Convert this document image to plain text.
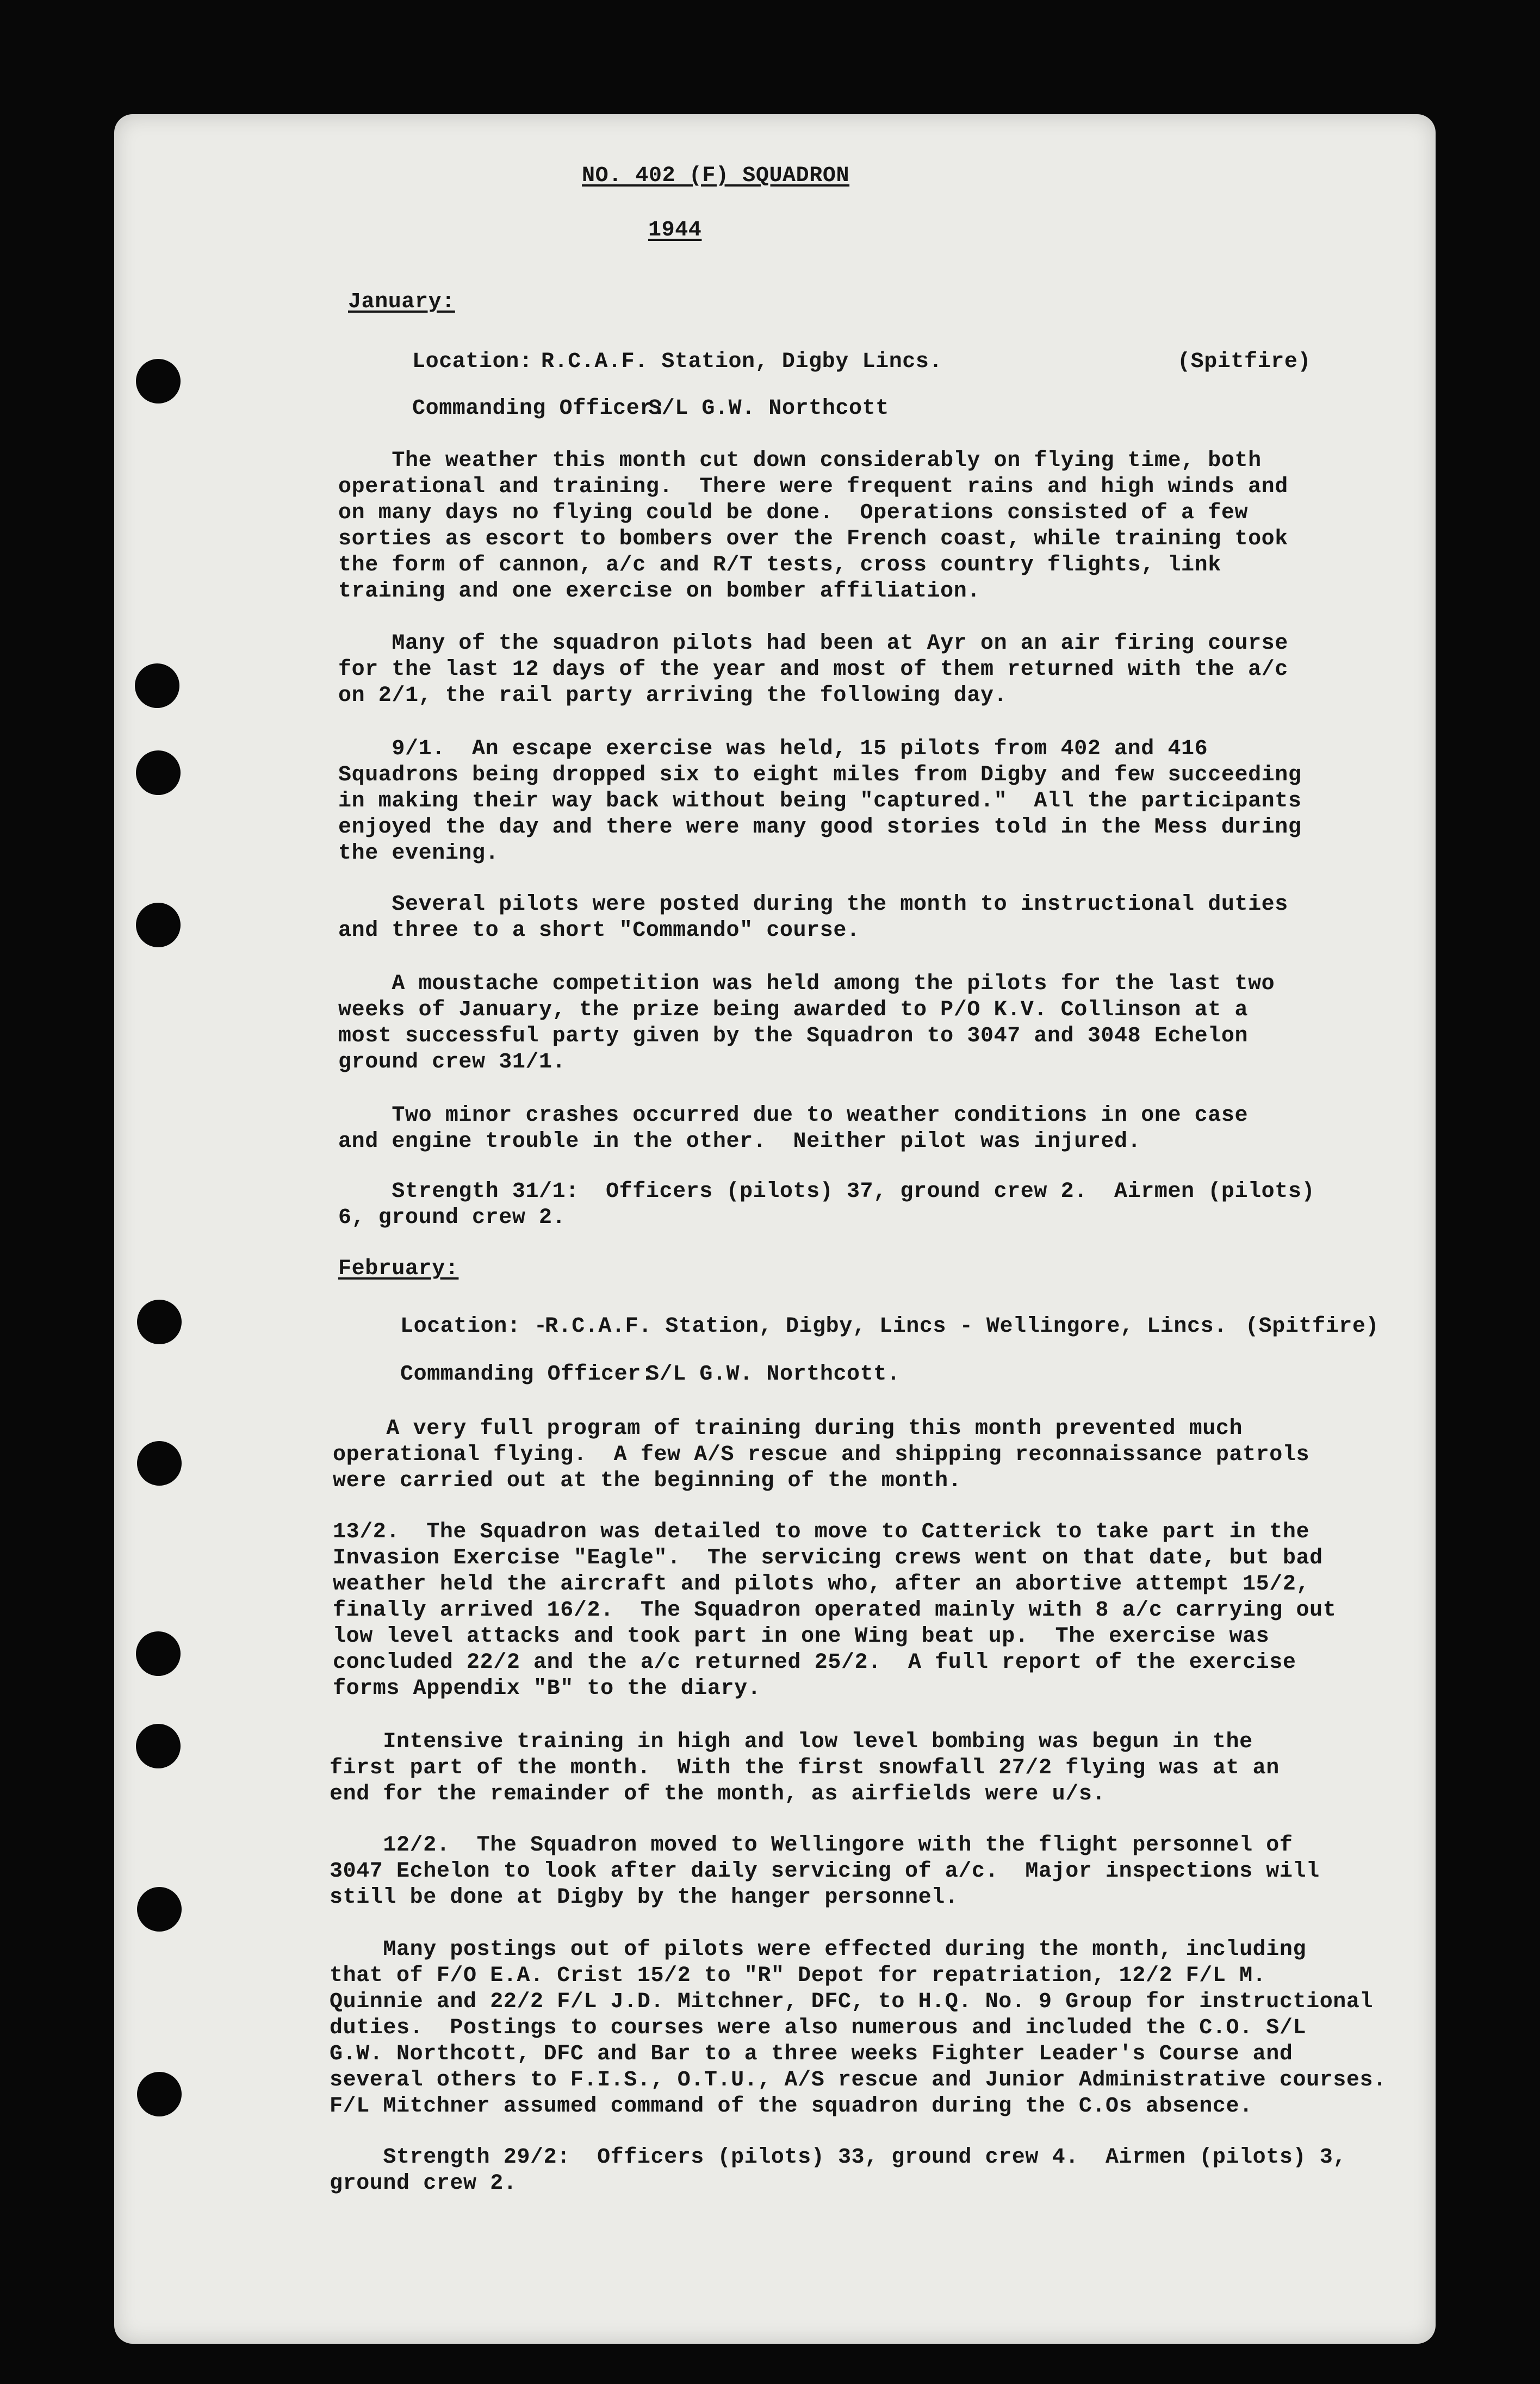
NO. 402 (F) SQUADRON
1944
January:
Location: R.C.A.F. Station, Digby Lincs.	(Spitfire)
Commanding Officer:
S/L G.W. Northcott
The weather this month cut down considerably on flying time, both
operational and training.  There were frequent rains and high winds and
on many days no flying could be done.  Operations consisted of a few
sorties as escort to bombers over the French coast, while training took
the form of cannon, a/c and R/T tests, cross country flights, link
training and one exercise on bomber affiliation.
Many of the squadron pilots had been at Ayr on an air firing course
for the last 12 days of the year and most of them returned with the a/c
on 2/1, the rail party arriving the following day.
9/1.  An escape exercise was held, 15 pilots from 402 and 416
Squadrons being dropped six to eight miles from Digby and few succeeding
in making their way back without being "captured."  All the participants
enjoyed the day and there were many good stories told in the Mess during
the evening.
Several pilots were posted during the month to instructional duties
and three to a short "Commando" course.
A moustache competition was held among the pilots for the last two
weeks of January, the prize being awarded to P/O K.V. Collinson at a
most successful party given by the Squadron to 3047 and 3048 Echelon
ground crew 31/1.
Two minor crashes occurred due to weather conditions in one case
and engine trouble in the other.  Neither pilot was injured.
Strength 31/1:  Officers (pilots) 37, ground crew 2.  Airmen (pilots)
6, ground crew 2.
February:
Location: -
R.C.A.F. Station, Digby, Lincs - Wellingore, Lincs. (Spitfire)
Commanding Officer:
S/L G.W. Northcott.
A very full program of training during this month prevented much
operational flying.  A few A/S rescue and shipping reconnaissance patrols
were carried out at the beginning of the month.
13/2.  The Squadron was detailed to move to Catterick to take part in the
Invasion Exercise "Eagle".  The servicing crews went on that date, but bad
weather held the aircraft and pilots who, after an abortive attempt 15/2,
finally arrived 16/2.  The Squadron operated mainly with 8 a/c carrying out
low level attacks and took part in one Wing beat up.  The exercise was
concluded 22/2 and the a/c returned 25/2.  A full report of the exercise
forms Appendix "B" to the diary.
Intensive training in high and low level bombing was begun in the
first part of the month.  With the first snowfall 27/2 flying was at an
end for the remainder of the month, as airfields were u/s.
12/2.  The Squadron moved to Wellingore with the flight personnel of
3047 Echelon to look after daily servicing of a/c.  Major inspections will
still be done at Digby by the hanger personnel.
Many postings out of pilots were effected during the month, including
that of F/O E.A. Crist 15/2 to "R" Depot for repatriation, 12/2 F/L M.
Quinnie and 22/2 F/L J.D. Mitchner, DFC, to H.Q. No. 9 Group for instructional
duties.  Postings to courses were also numerous and included the C.O. S/L
G.W. Northcott, DFC and Bar to a three weeks Fighter Leader's Course and
several others to F.I.S., O.T.U., A/S rescue and Junior Administrative courses.
F/L Mitchner assumed command of the squadron during the C.Os absence.
Strength 29/2:  Officers (pilots) 33, ground crew 4.  Airmen (pilots) 3,
ground crew 2.
